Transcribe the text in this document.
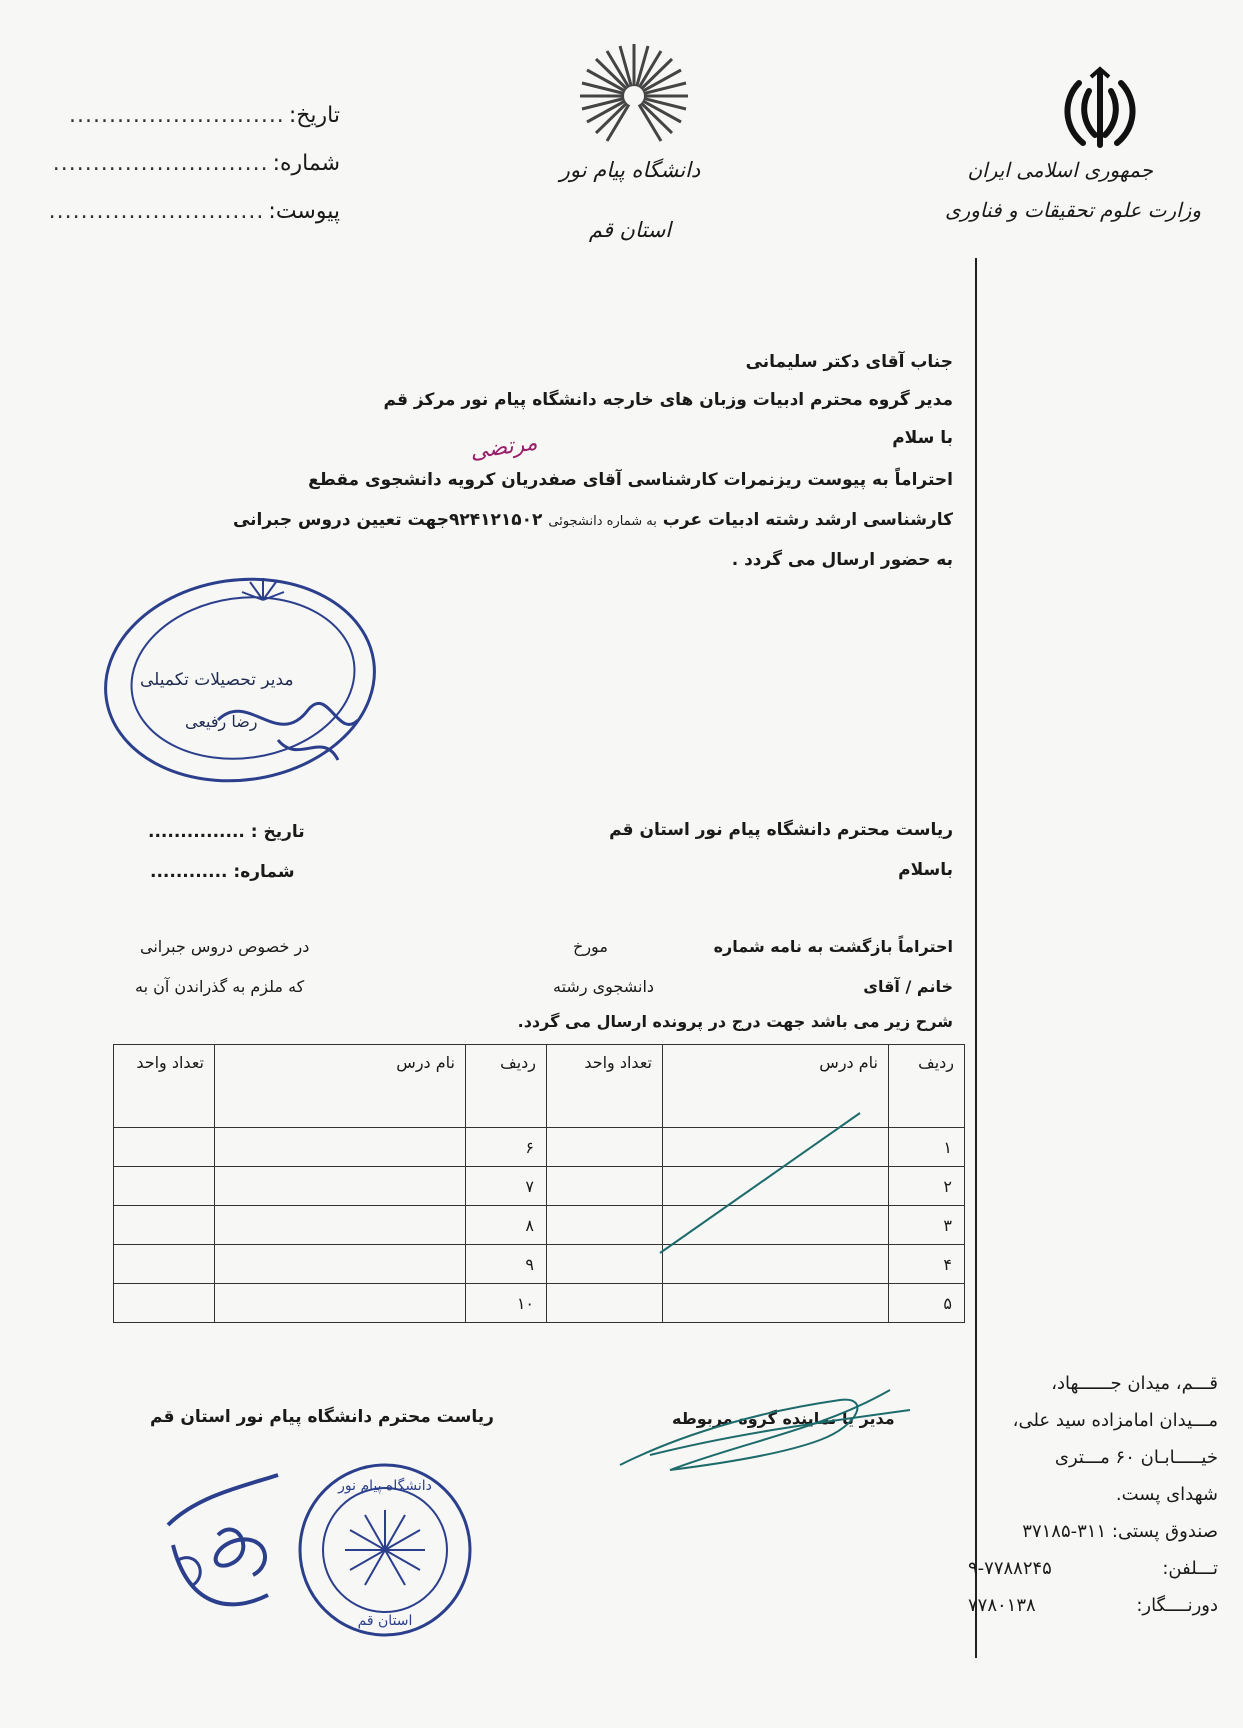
تاریخ:
...........................
شماره:
...........................
پیوست:
...........................
دانشگاه پیام نور
استان قم
جمهوری اسلامی ایران
وزارت علوم تحقیقات و فناوری
جناب آقای دکتر سلیمانی
مدیر گروه محترم ادبیات وزبان های خارجه دانشگاه پیام نور مرکز قم
با سلام
مرتضی
احتراماً به پیوست ریزنمرات کارشناسی آقای صفدریان کرویه دانشجوی مقطع
کارشناسی ارشد رشته ادبیات عرب به شماره دانشجوئی ۹۲۴۱۲۱۵۰۲جهت تعیین دروس جبرانی
به حضور ارسال می گردد .
مدیر تحصیلات تکمیلی
رضا رفیعی
ریاست محترم دانشگاه پیام نور استان قم
باسلام
تاریخ : ...............
شماره: ............
احتراماً بازگشت به نامه شماره
مورخ
در خصوص دروس جبرانی
خانم / آقای
دانشجوی رشته
که ملزم به گذراندن آن به
شرح زیر می باشد جهت درج در پرونده ارسال می گردد.
ردیف	نام درس	تعداد واحد	ردیف	نام درس	تعداد واحد
۱			۶		
۲			۷		
۳			۸		
۴			۹		
۵			۱۰		
ریاست محترم دانشگاه پیام نور استان قم	مدیر یا نماینده گروه مربوطه
دانشگاه پیام نور
استان قم
قـــم، میدان جــــــهاد،
مـــیدان امامزاده سید علی،
خیـــــابـان ۶۰ مـــتری
شهدای پست.
صندوق پستی: ۳۱۱-۳۷۱۸۵
تـــلفن:
۹-۷۷۸۸۲۴۵
دورنــــگار:
۷۷۸۰۱۳۸
